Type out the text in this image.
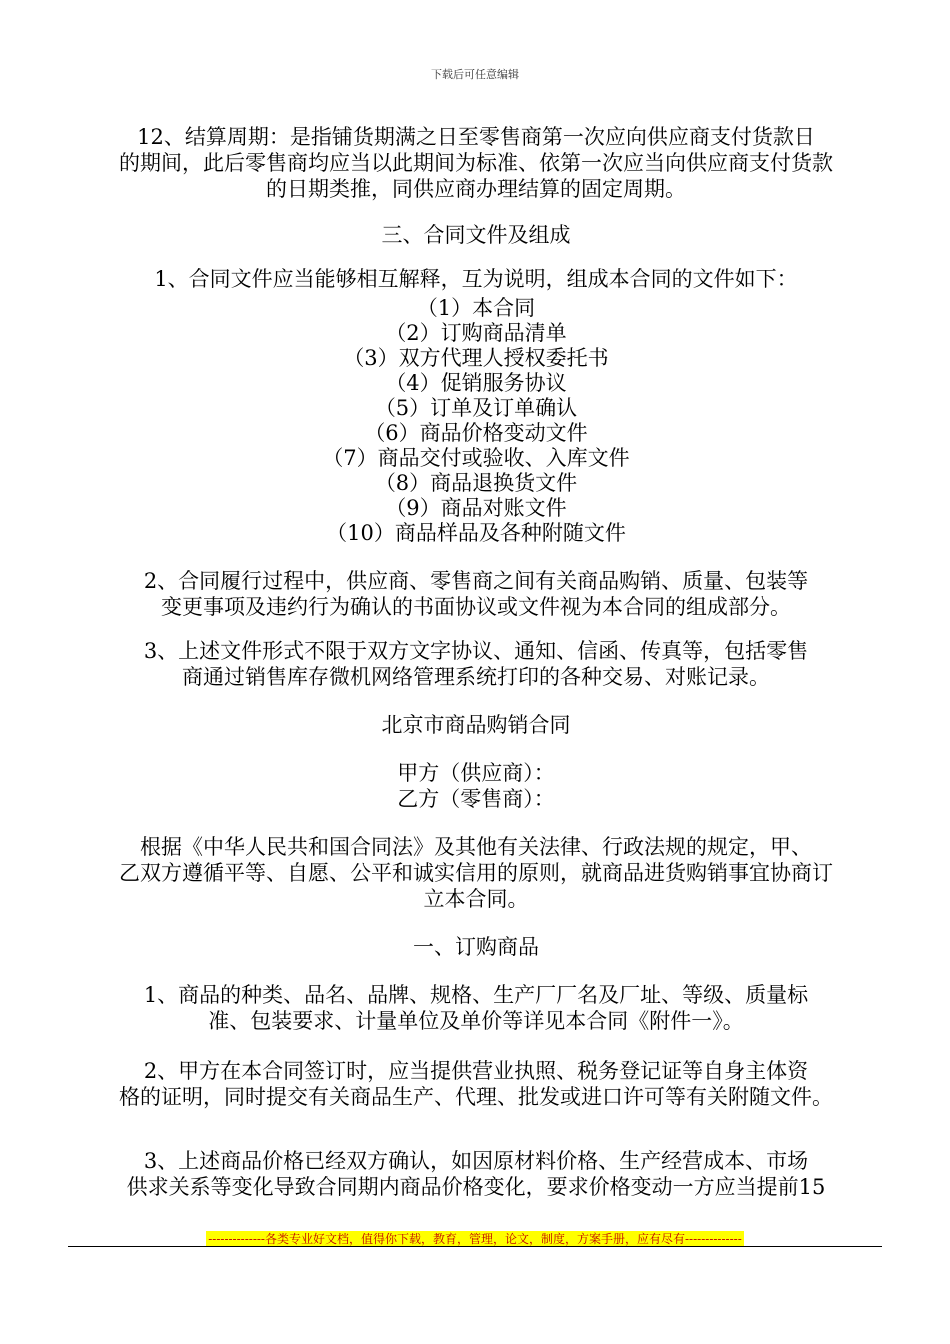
下载后可任意编辑
12、结算周期：是指铺货期满之日至零售商第一次应向供应商支付货款日
的期间，此后零售商均应当以此期间为标准、依第一次应当向供应商支付货款
的日期类推，同供应商办理结算的固定周期。
三、合同文件及组成
1、合同文件应当能够相互解释，互为说明，组成本合同的文件如下：
（1）本合同
（2）订购商品清单
（3）双方代理人授权委托书
（4）促销服务协议
（5）订单及订单确认
（6）商品价格变动文件
（7）商品交付或验收、入库文件
（8）商品退换货文件
（9）商品对账文件
（10）商品样品及各种附随文件
2、合同履行过程中，供应商、零售商之间有关商品购销、质量、包装等
变更事项及违约行为确认的书面协议或文件视为本合同的组成部分。
3、上述文件形式不限于双方文字协议、通知、信函、传真等，包括零售
商通过销售库存微机网络管理系统打印的各种交易、对账记录。
北京市商品购销合同
甲方（供应商）：
乙方（零售商）：
根据《中华人民共和国合同法》及其他有关法律、行政法规的规定，甲、
乙双方遵循平等、自愿、公平和诚实信用的原则，就商品进货购销事宜协商订
立本合同。
一、订购商品
1、商品的种类、品名、品牌、规格、生产厂厂名及厂址、等级、质量标
准、包装要求、计量单位及单价等详见本合同《附件一》。
2、甲方在本合同签订时，应当提供营业执照、税务登记证等自身主体资
格的证明，同时提交有关商品生产、代理、批发或进口许可等有关附随文件。
3、上述商品价格已经双方确认，如因原材料价格、生产经营成本、市场
供求关系等变化导致合同期内商品价格变化，要求价格变动一方应当提前15
--------------各类专业好文档，值得你下载，教育，管理，论文，制度，方案手册，应有尽有--------------
